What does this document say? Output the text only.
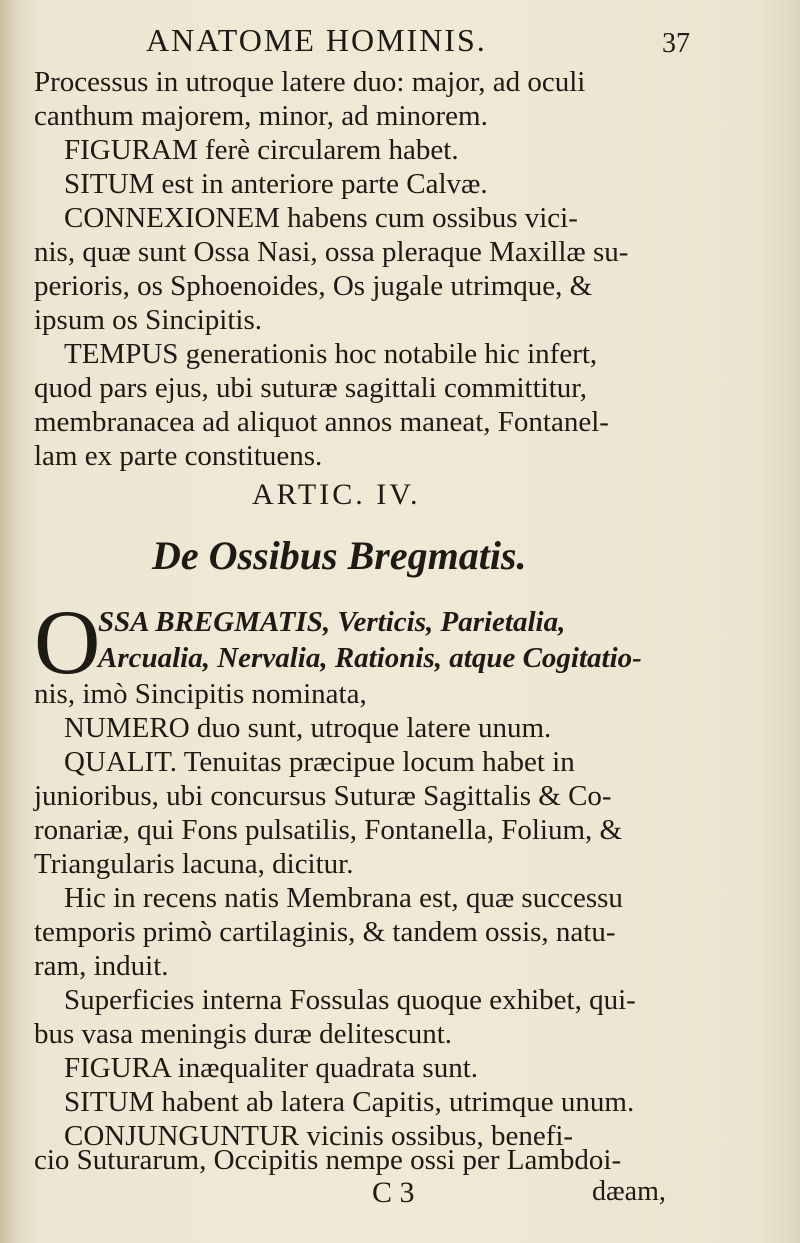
ANATOME HOMINIS.	37
Processus in utroque latere duo: major, ad oculi
canthum majorem, minor, ad minorem.
FIGURAM ferè circularem habet.
SITUM est in anteriore parte Calvæ.
CONNEXIONEM habens cum ossibus vici-
nis, quæ sunt Ossa Nasi, ossa pleraque Maxillæ su-
perioris, os Sphoenoides, Os jugale utrimque, &
ipsum os Sincipitis.
TEMPUS generationis hoc notabile hic infert,
quod pars ejus, ubi suturæ sagittali committitur,
membranacea ad aliquot annos maneat, Fontanel-
lam ex parte constituens.
ARTIC. IV.
De Ossibus Bregmatis.
O
SSA BREGMATIS, Verticis, Parietalia,
Arcualia, Nervalia, Rationis, atque Cogitatio-
nis, imò Sincipitis nominata,
NUMERO duo sunt, utroque latere unum.
QUALIT. Tenuitas præcipue locum habet in
junioribus, ubi concursus Suturæ Sagittalis & Co-
ronariæ, qui Fons pulsatilis, Fontanella, Folium, &
Triangularis lacuna, dicitur.
Hic in recens natis Membrana est, quæ successu
temporis primò cartilaginis, & tandem ossis, natu-
ram, induit.
Superficies interna Fossulas quoque exhibet, qui-
bus vasa meningis duræ delitescunt.
FIGURA inæqualiter quadrata sunt.
SITUM habent ab latera Capitis, utrimque unum.
CONJUNGUNTUR vicinis ossibus, benefi-
C 3	dæam,
cio Suturarum, Occipitis nempe ossi per Lambdoi-
